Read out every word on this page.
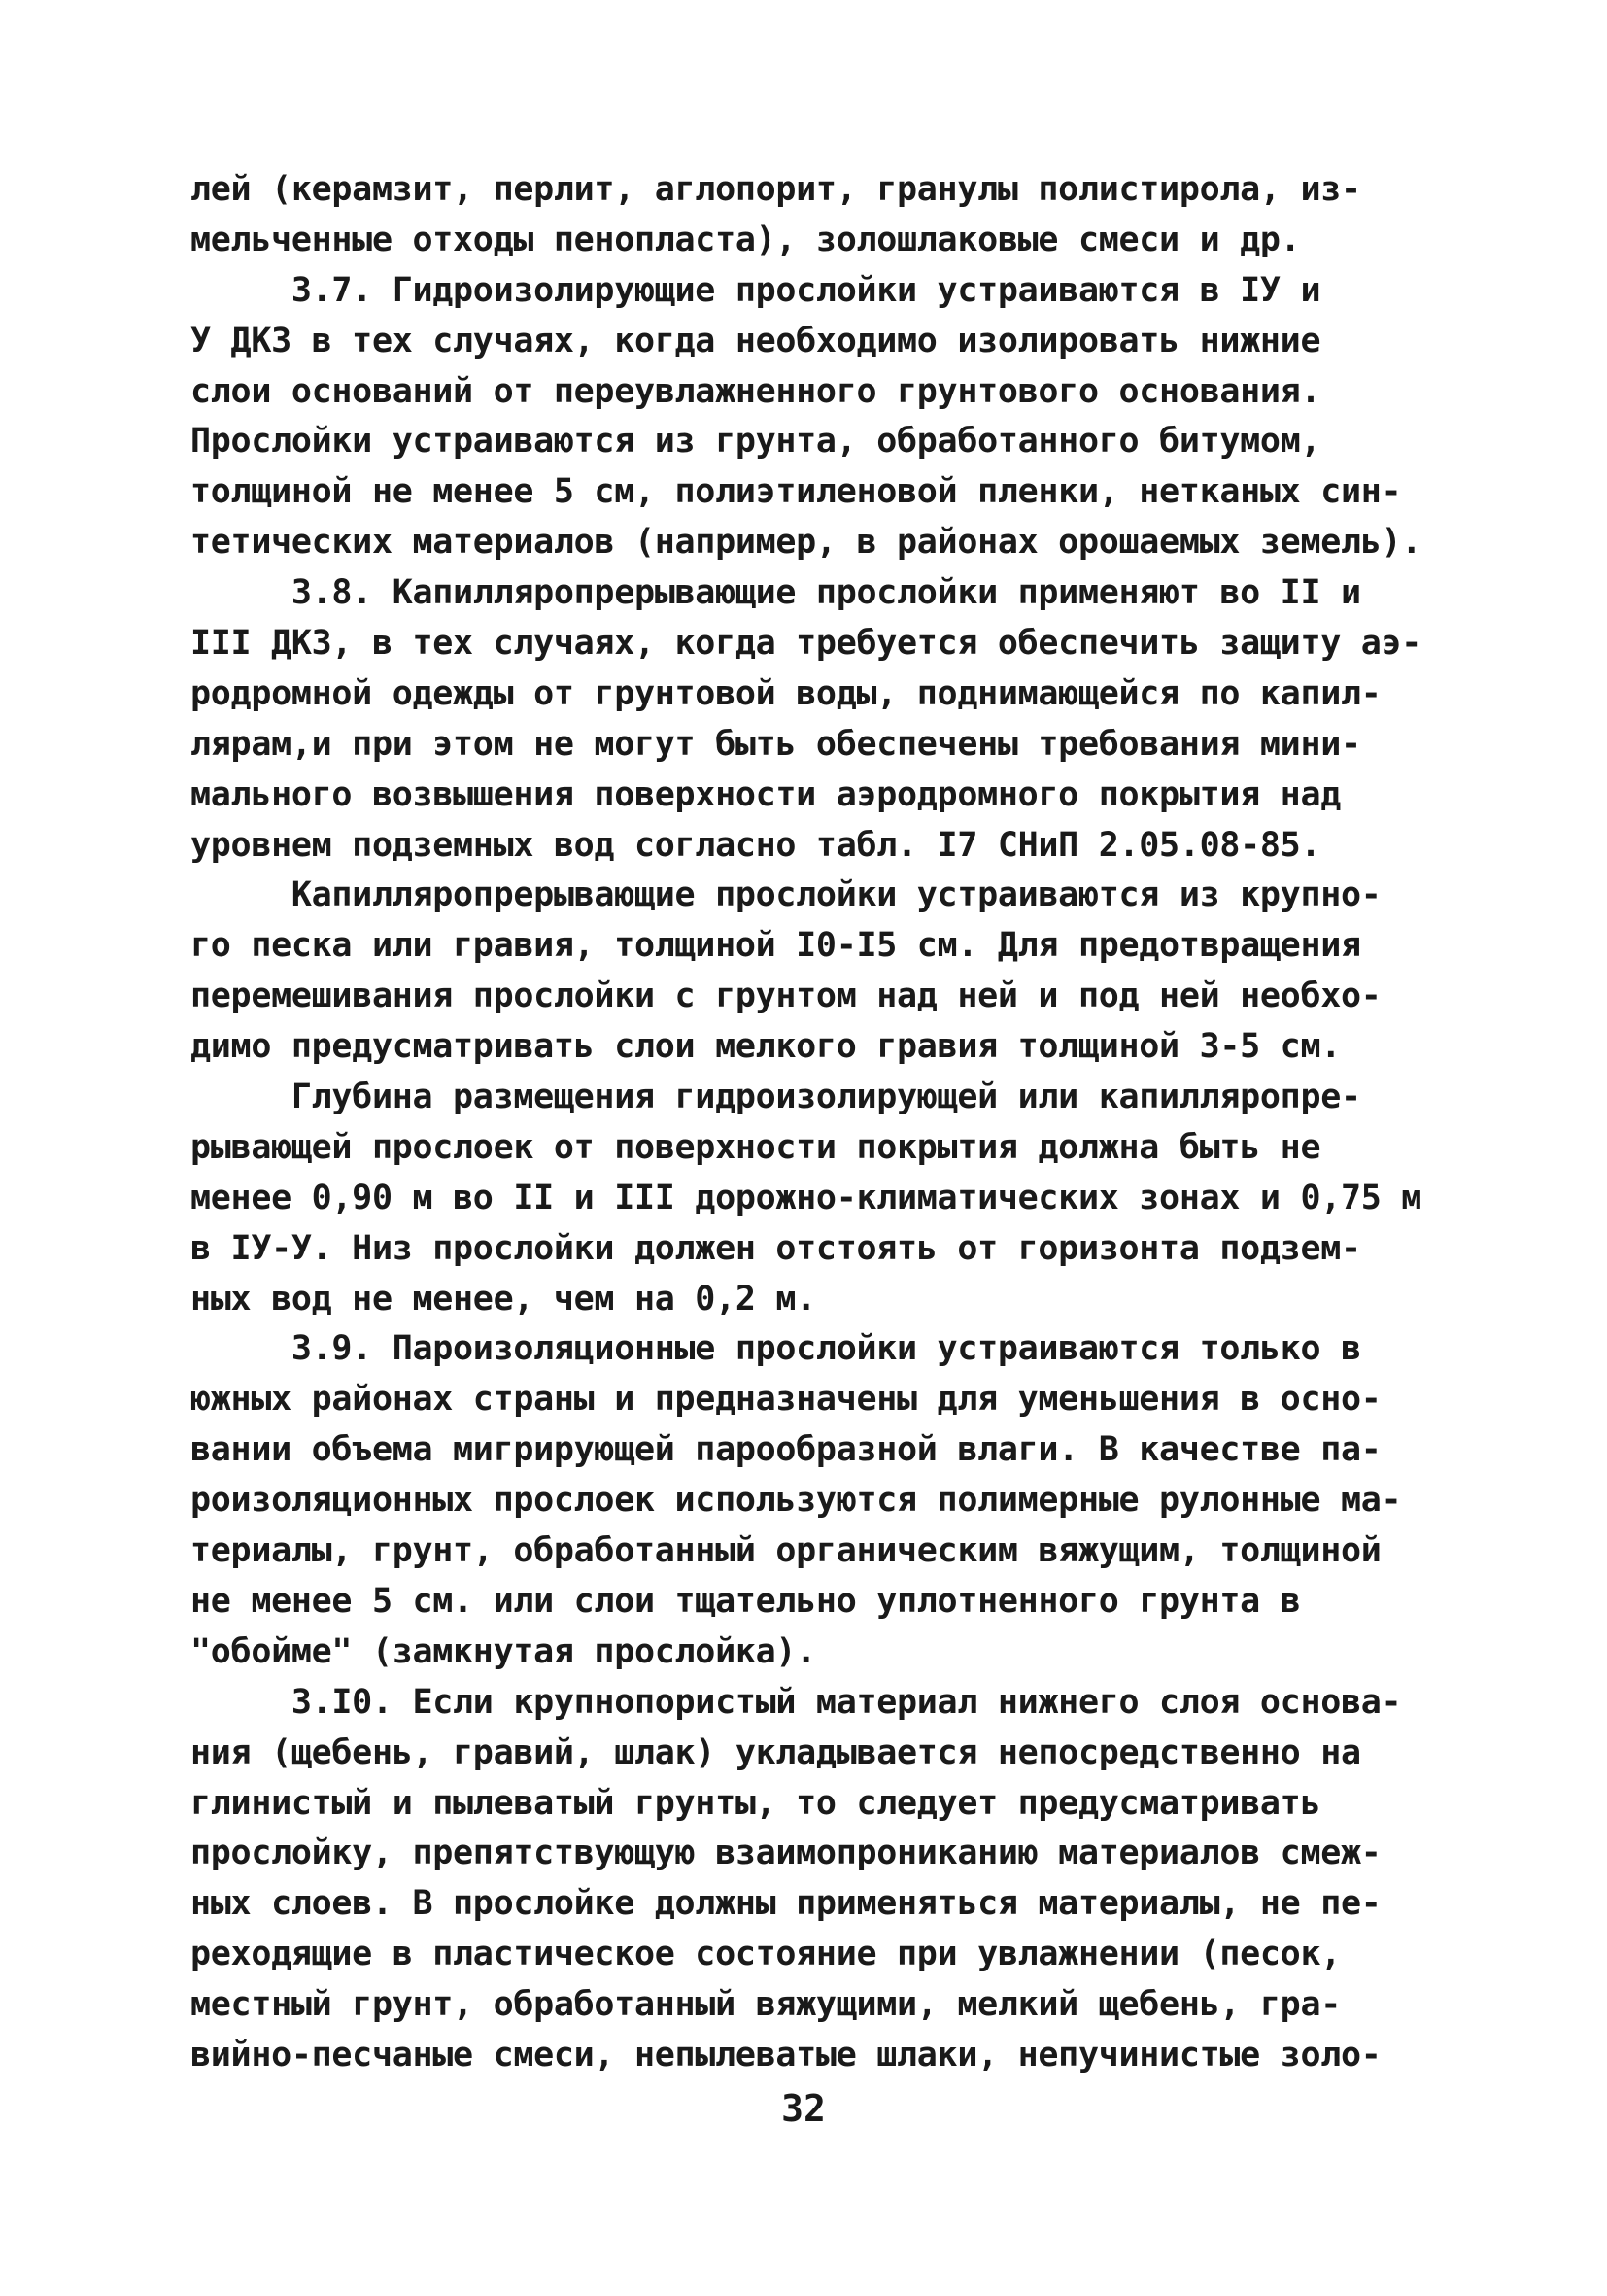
лей (керамзит, перлит, аглопорит, гранулы полистирола, из-
мельченные отходы пенопласта), золошлаковые смеси и др.
3.7. Гидроизолирующие прослойки устраиваются в IУ и
У ДКЗ в тех случаях, когда необходимо изолировать нижние
слои оснований от переувлажненного грунтового основания.
Прослойки устраиваются из грунта, обработанного битумом,
толщиной не менее 5 см, полиэтиленовой пленки, нетканых син-
тетических материалов (например, в районах орошаемых земель).
3.8. Капилляропрерывающие прослойки применяют во II и
III ДКЗ, в тех случаях, когда требуется обеспечить защиту аэ-
родромной одежды от грунтовой воды, поднимающейся по капил-
лярам,и при этом не могут быть обеспечены требования мини-
мального возвышения поверхности аэродромного покрытия над
уровнем подземных вод согласно табл. I7 СНиП 2.05.08-85.
Капилляропрерывающие прослойки устраиваются из крупно-
го песка или гравия, толщиной I0-I5 см. Для предотвращения
перемешивания прослойки с грунтом над ней и под ней необхо-
димо предусматривать слои мелкого гравия толщиной 3-5 см.
Глубина размещения гидроизолирующей или капилляропре-
рывающей прослоек от поверхности покрытия должна быть не
менее 0,90 м во II и III дорожно-климатических зонах и 0,75 м
в IУ-У. Низ прослойки должен отстоять от горизонта подзем-
ных вод не менее, чем на 0,2 м.
3.9. Пароизоляционные прослойки устраиваются только в
южных районах страны и предназначены для уменьшения в осно-
вании объема мигрирующей парообразной влаги. В качестве па-
роизоляционных прослоек используются полимерные рулонные ма-
териалы, грунт, обработанный органическим вяжущим, толщиной
не менее 5 см. или слои тщательно уплотненного грунта в
"обойме" (замкнутая прослойка).
3.I0. Если крупнопористый материал нижнего слоя основа-
ния (щебень, гравий, шлак) укладывается непосредственно на
глинистый и пылеватый грунты, то следует предусматривать
прослойку, препятствующую взаимопрониканию материалов смеж-
ных слоев. В прослойке должны применяться материалы, не пе-
реходящие в пластическое состояние при увлажнении (песок,
местный грунт, обработанный вяжущими, мелкий щебень, гра-
вийно-песчаные смеси, непылеватые шлаки, непучинистые золо-
32
